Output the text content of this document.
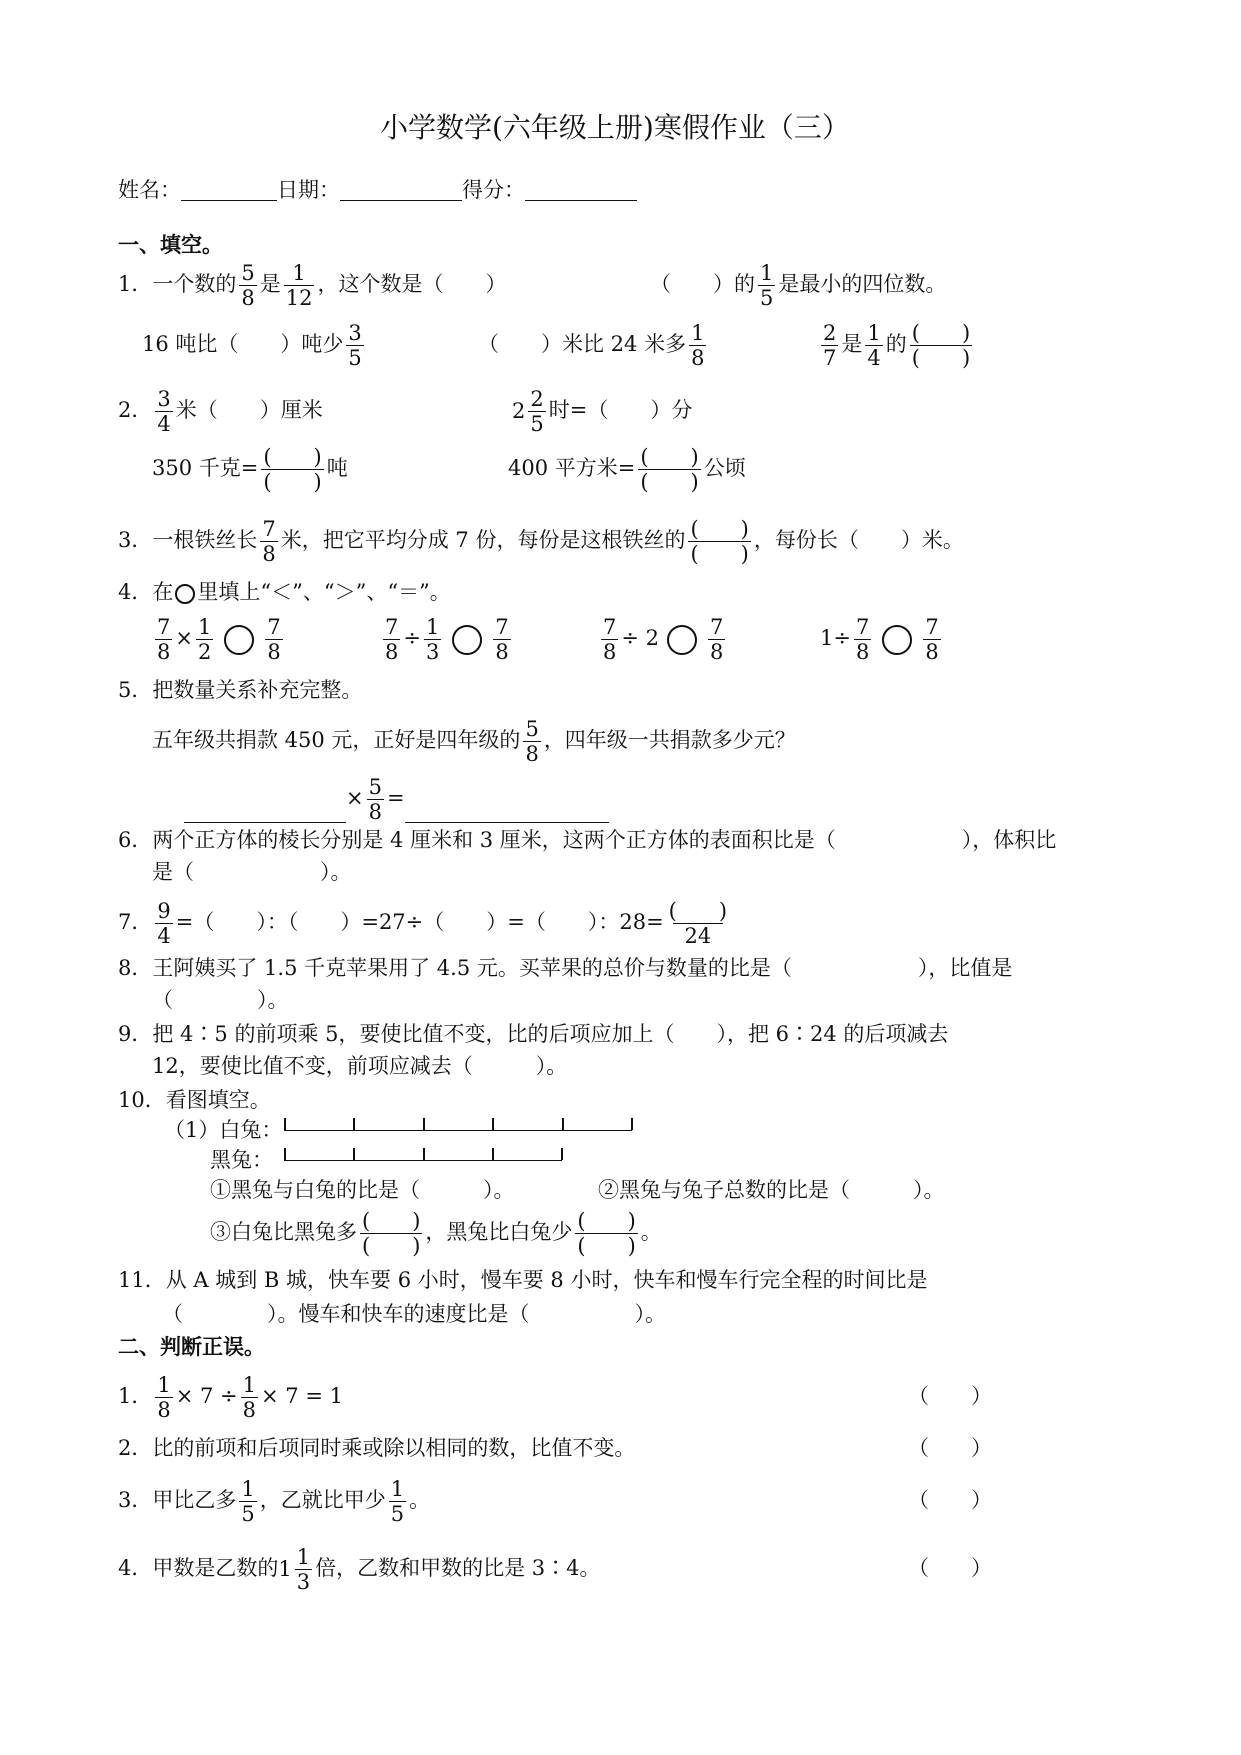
小学数学(六年级上册)寒假作业（三）
姓名：	日期：	得分：
一、填空。
1．一个数的 $\frac{5}{8}$ 是 $\frac{1}{12}$ ，这个数是（　　）	（　　）的 $\frac{1}{5}$ 是最小的四位数。
16 吨比（　　）吨少 $\frac{3}{5}$	（　　）米比 24 米多 $\frac{1}{8}$	$\frac{2}{7}$ 是 $\frac{1}{4}$ 的 $\frac{( )}{( )}$
2． $\frac{3}{4}$ 米（　　）厘米	$2 \frac{2}{5}$ 时=（　　）分
350 千克= $\frac{( )}{( )}$ 吨	400 平方米= $\frac{( )}{( )}$ 公顷
3．一根铁丝长 $\frac{7}{8}$ 米，把它平均分成 7 份，每份是这根铁丝的 $\frac{( )}{( )}$ ，每份长（　　）米。
4．在 里填上“＜”、“＞”、“＝”。
$\frac{7}{8} \times \frac{1}{2} \frac{7}{8}$	$\frac{7}{8} \div \frac{1}{3} \frac{7}{8}$	$\frac{7}{8} \div 2 \frac{7}{8}$	$1\div \frac{7}{8} \frac{7}{8}$
5．把数量关系补充完整。
五年级共捐款 450 元，正好是四年级的 $\frac{5}{8}$ ，四年级一共捐款多少元？
× $\frac{5}{8}$ =
6．两个正方体的棱长分别是 4 厘米和 3 厘米，这两个正方体的表面积比是（　　　　　　），体积比
是（　　　　　　）。
7． $\frac{9}{4}$ =（　　）：（　　）=27÷（　　）=（　　）：$28= \frac{( )}{24}$
8．王阿姨买了 1.5 千克苹果用了 4.5 元。买苹果的总价与数量的比是（　　　　　　），比值是
（　　　　）。
9．把 4∶5 的前项乘 5，要使比值不变，比的后项应加上（　　），把 6∶24 的后项减去
12，要使比值不变，前项应减去（　　　）。
10．看图填空。
（1）白兔：
黑兔：
①黑兔与白兔的比是（　　　）。	②黑兔与兔子总数的比是（　　　）。
③白兔比黑兔多 $\frac{( )}{( )}$ ，黑兔比白兔少 $\frac{( )}{( )}$ 。
11．从 A 城到 B 城，快车要 6 小时，慢车要 8 小时，快车和慢车行完全程的时间比是
（　　　　）。慢车和快车的速度比是（　　　　　）。
二、判断正误。
1． $\frac{1}{8} \times 7 \div \frac{1}{8} \times 7 = 1$	（　　）
2．比的前项和后项同时乘或除以相同的数，比值不变。	（　　）
3．甲比乙多 $\frac{1}{5}$ ，乙就比甲少 $\frac{1}{5}$ 。	（　　）
4．甲数是乙数的 $1 \frac{1}{3}$ 倍，乙数和甲数的比是 3∶4。	（　　）
